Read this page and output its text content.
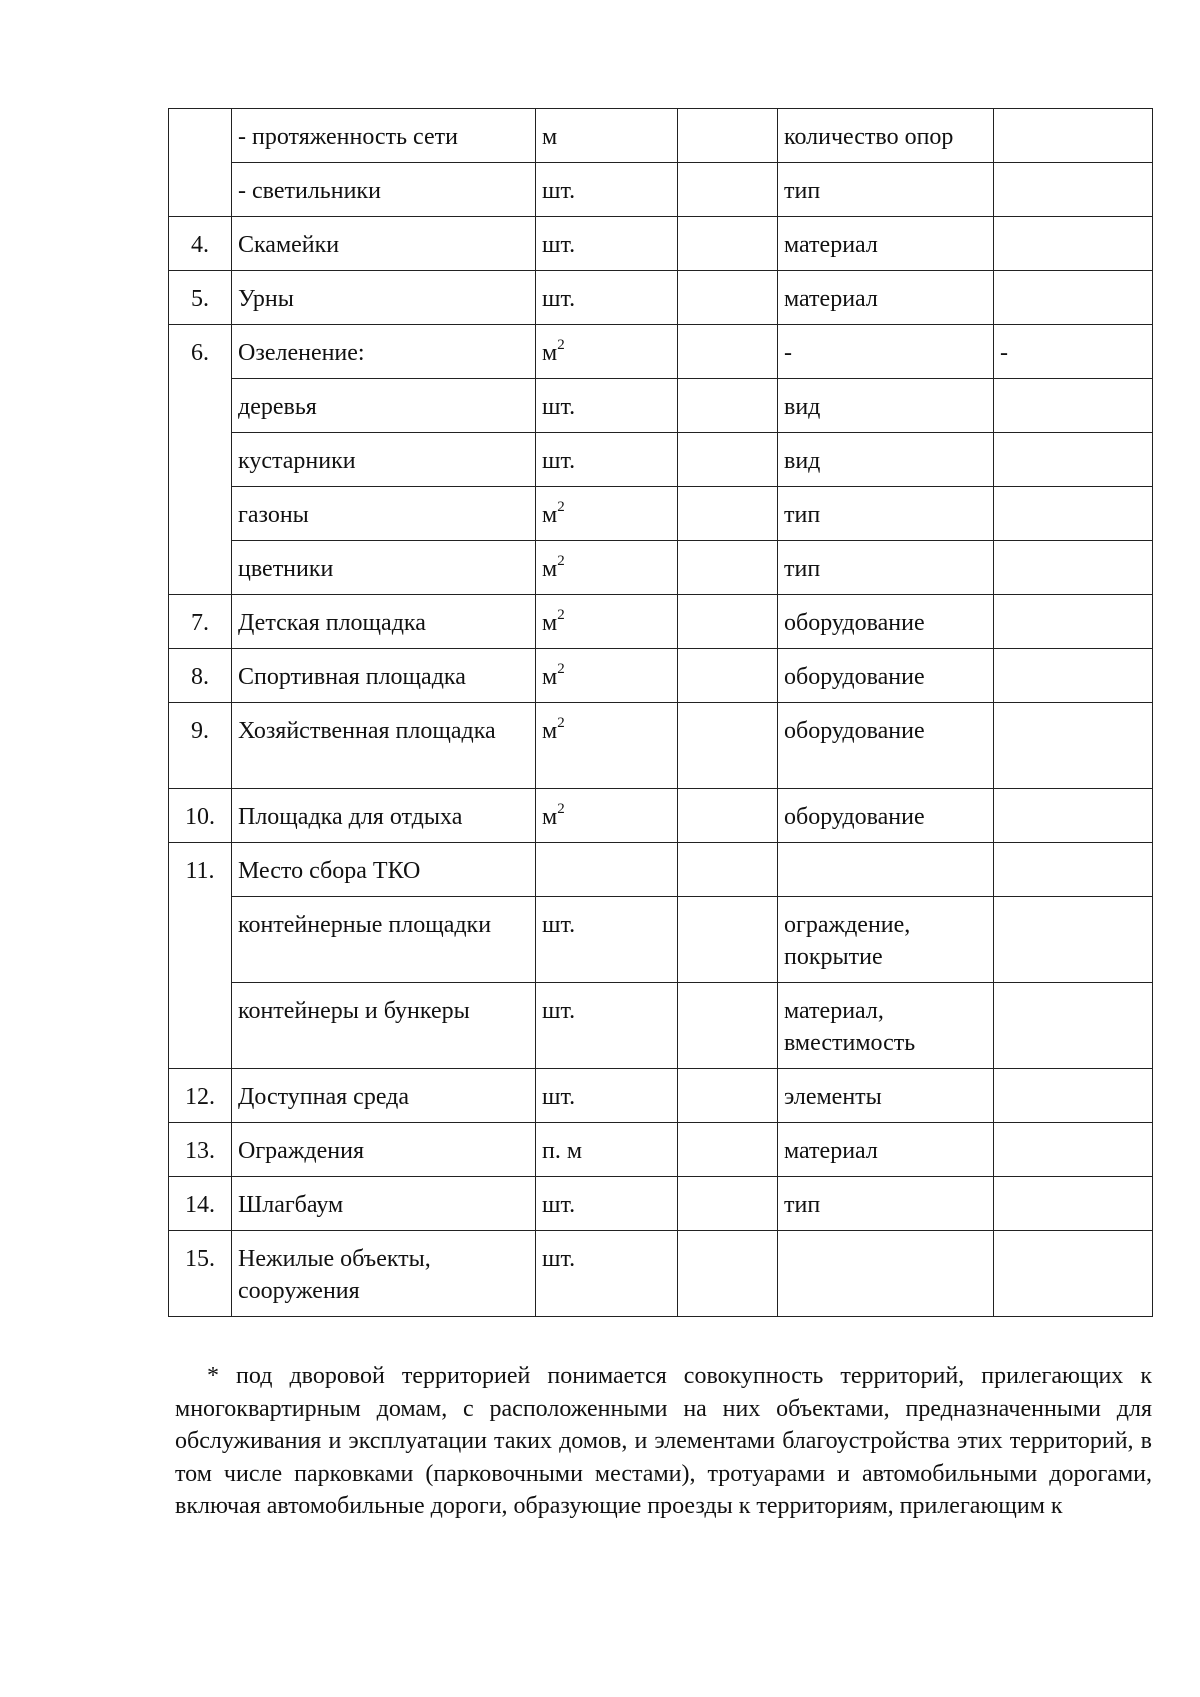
	- протяженность сети	м		количество опор	
	- светильники	шт.		тип	
4.	Скамейки	шт.		материал	
5.	Урны	шт.		материал	
6.	Озеленение:	$м^2$		-	-
	деревья	шт.		вид	
	кустарники	шт.		вид	
	газоны	$м^2$		тип	
	цветники	$м^2$		тип	
7.	Детская площадка	$м^2$		оборудование	
8.	Спортивная площадка	$м^2$		оборудование	
9.	Хозяйственная площадка	$м^2$		оборудование	
10.	Площадка для отдыха	$м^2$		оборудование	
11.	Место сбора ТКО				
	контейнерные площадки	шт.		ограждение, покрытие	
	контейнеры и бункеры	шт.		материал, вместимость	
12.	Доступная среда	шт.		элементы	
13.	Ограждения	п. м		материал	
14.	Шлагбаум	шт.		тип	
15.	Нежилые объекты, сооружения	шт.			

* под дворовой территорией понимается совокупность территорий, прилегающих к многоквартирным домам, с расположенными на них объектами, предназначенными для обслуживания и эксплуатации таких домов, и элементами благоустройства этих территорий, в том числе парковками (парковочными местами), тротуарами и автомобильными дорогами, включая автомобильные дороги, образующие проезды к территориям, прилегающим к
